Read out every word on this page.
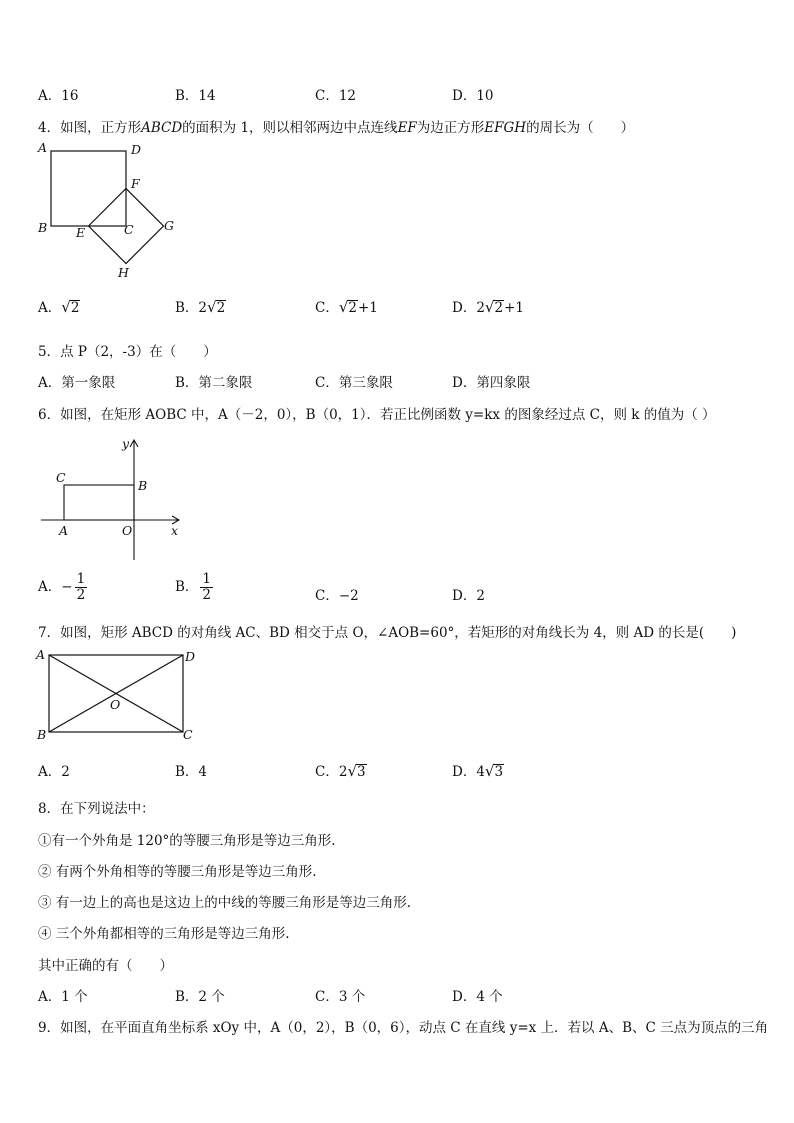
A．16	B．14	C．12	D．10
4．如图，正方形ABCD的面积为 1，则以相邻两边中点连线EF为边正方形EFGH的周长为（　　）
A	D
F
G
B E	C
H
A．√2	B．2√2	C．√2+1	D．2√2+1
5．点 P（2，-3）在（　　）
A．第一象限	B．第二象限	C．第三象限	D．第四象限
6．如图，在矩形 AOBC 中，A（－2，0），B（0，1）．若正比例函数 y=kx 的图象经过点 C，则 k 的值为（ ）
y
x
C
B
A	O
A．− $\frac{1}{2}$	B． $\frac{1}{2}$	C．−2	D．2
7．如图，矩形 ABCD 的对角线 AC、BD 相交于点 O，∠AOB=60°，若矩形的对角线长为 4，则 AD 的长是(　　)
A	D
O
B	C
A．2	B．4	C．2√3	D．4√3
8．在下列说法中：
①有一个外角是 120°的等腰三角形是等边三角形.
② 有两个外角相等的等腰三角形是等边三角形.
③ 有一边上的高也是这边上的中线的等腰三角形是等边三角形.
④ 三个外角都相等的三角形是等边三角形.
其中正确的有（　　）
A．1 个	B．2 个	C．3 个	D．4 个
9．如图，在平面直角坐标系 xOy 中，A（0，2），B（0，6），动点 C 在直线 y=x 上．若以 A、B、C 三点为顶点的三角
